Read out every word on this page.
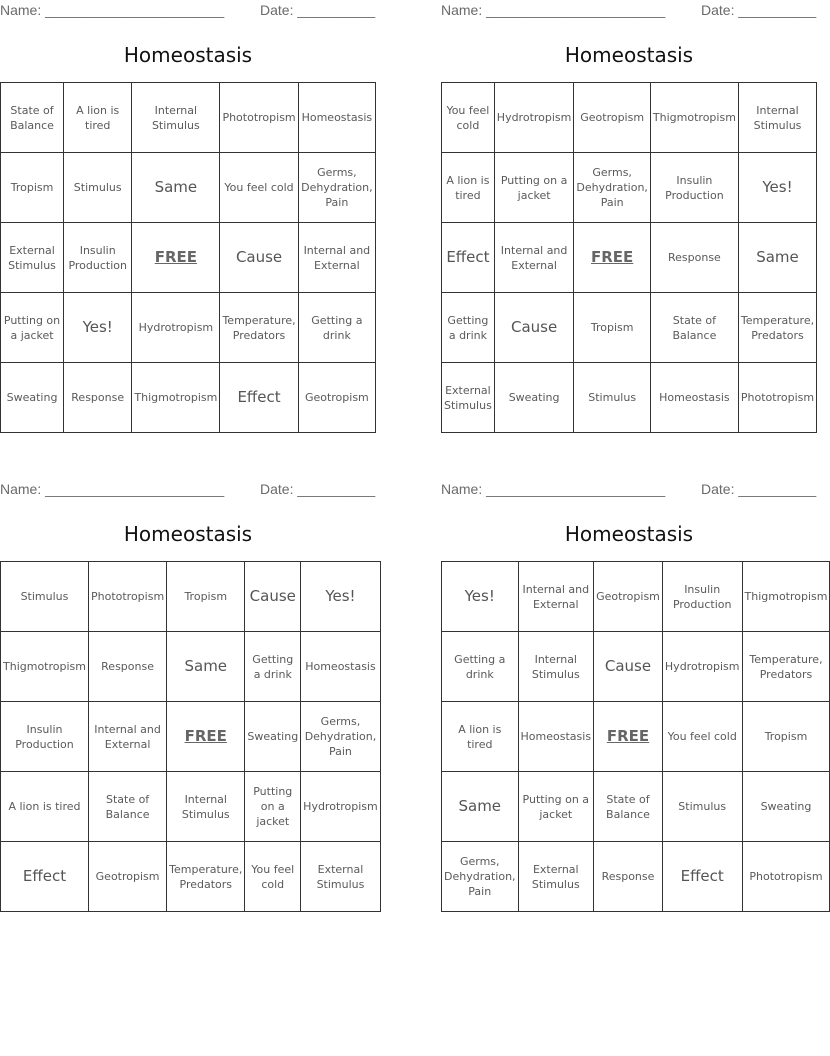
Name: _______________________	Date: __________
Homeostasis
State of Balance	A lion is tired	Internal Stimulus	Phototropism	Homeostasis
Tropism	Stimulus	Same	You feel cold	Germs, Dehydration, Pain
External Stimulus	Insulin Production	FREE	Cause	Internal and External
Putting on a jacket	Yes!	Hydrotropism	Temperature, Predators	Getting a drink
Sweating	Response	Thigmotropism	Effect	Geotropism
Name: _______________________	Date: __________
Homeostasis
You feel cold	Hydrotropism	Geotropism	Thigmotropism	Internal Stimulus
A lion is tired	Putting on a jacket	Germs, Dehydration, Pain	Insulin Production	Yes!
Effect	Internal and External	FREE	Response	Same
Getting a drink	Cause	Tropism	State of Balance	Temperature, Predators
External Stimulus	Sweating	Stimulus	Homeostasis	Phototropism
Name: _______________________	Date: __________
Homeostasis
Stimulus	Phototropism	Tropism	Cause	Yes!
Thigmotropism	Response	Same	Getting a drink	Homeostasis
Insulin Production	Internal and External	FREE	Sweating	Germs, Dehydration, Pain
A lion is tired	State of Balance	Internal Stimulus	Putting on a jacket	Hydrotropism
Effect	Geotropism	Temperature, Predators	You feel cold	External Stimulus
Name: _______________________	Date: __________
Homeostasis
Yes!	Internal and External	Geotropism	Insulin Production	Thigmotropism
Getting a drink	Internal Stimulus	Cause	Hydrotropism	Temperature, Predators
A lion is tired	Homeostasis	FREE	You feel cold	Tropism
Same	Putting on a jacket	State of Balance	Stimulus	Sweating
Germs, Dehydration, Pain	External Stimulus	Response	Effect	Phototropism
